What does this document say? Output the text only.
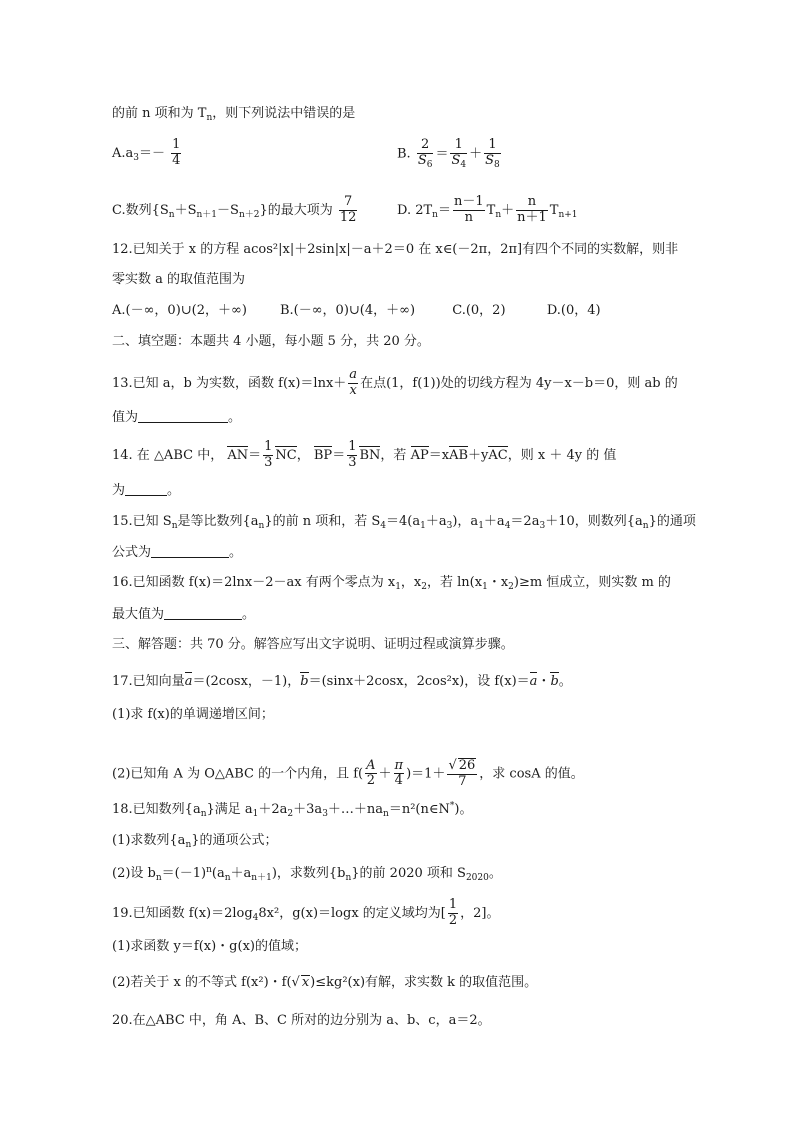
的前 n 项和为 $T_n$，则下列说法中错误的是
$A.a_3=- \frac{1}{4}$	B. $\frac{2}{S_6} = \frac{1}{S_4} + \frac{1}{S_8}$
C.数列$\{S_n+S_{n+1}-S_{n+2}\}$的最大项为 $\frac{7}{12}$	D. $2T_n= \frac{n-1}{n} T_n+ \frac{n}{n+1} T_{n+1}$
12.已知关于 x 的方程 acos²|x|＋2sin|x|－a＋2＝0 在 x∈(－2π，2π]有四个不同的实数解，则非
零实数 a 的取值范围为
A.(－∞，0)∪(2，＋∞)        B.(－∞，0)∪(4，＋∞)         C.(0，2)          D.(0，4)
二、填空题：本题共 4 小题，每小题 5 分，共 20 分。
13.已知 a，b 为实数，函数 $f(x)=\ln x+ \frac{a}{x}$ 在点(1，f(1))处的切线方程为 4y－x－b＝0，则 ab 的
值为	。
14. 在 △ABC 中， $AN= \frac{1}{3}$ NC， $BP= \frac{1}{3}$ BN，若 AP＝xAB＋yAC，则 x ＋ 4y 的 值
为	。
15.已知 $S_n$是等比数列$\{a_n\}$的前 n 项和，若 $S_4=4(a_1+a_3)$，$a_1+a_4=2a_3+10$，则数列$\{a_n\}$的通项
公式为	。
16.已知函数 f(x)＝2lnx－2－ax 有两个零点为 $x_1$，$x_2$，若 $\ln(x_1$・$x_2)\ge m$ 恒成立，则实数 m 的
最大值为	。
三、解答题：共 70 分。解答应写出文字说明、证明过程或演算步骤。
17.已知向量a＝(2cosx，－1)，b＝(sinx＋2cosx，2cos²x)，设 f(x)＝a・b。
(1)求 f(x)的单调递增区间；
(2)已知角 A 为 O△ABC 的一个内角，且 $f( \frac{A}{2} + \frac{\pi}{4} )=1+ \frac{√ 26}{7}$ ，求 cosA 的值。
18.已知数列$\{a_n\}$满足 $a_1+2a_2+3a_3+\dots+na_n=n^2(n\in N^*)$。
(1)求数列$\{a_n\}$的通项公式；
(2)设 $b_n=(-1)^n(a_n+a_{n+1})$，求数列$\{b_n\}$的前 2020 项和 $S_{2020}$。
19.已知函数 $f(x)=2\log_48x^2$，g(x)＝logx 的定义域均为[ $\frac{1}{2}$ ，2]。
(1)求函数 y＝f(x)・g(x)的值域；
(2)若关于 x 的不等式 f(x²)・f(√ x)≤kg²(x)有解，求实数 k 的取值范围。
20.在△ABC 中，角 A、B、C 所对的边分别为 a、b、c，a＝2。
